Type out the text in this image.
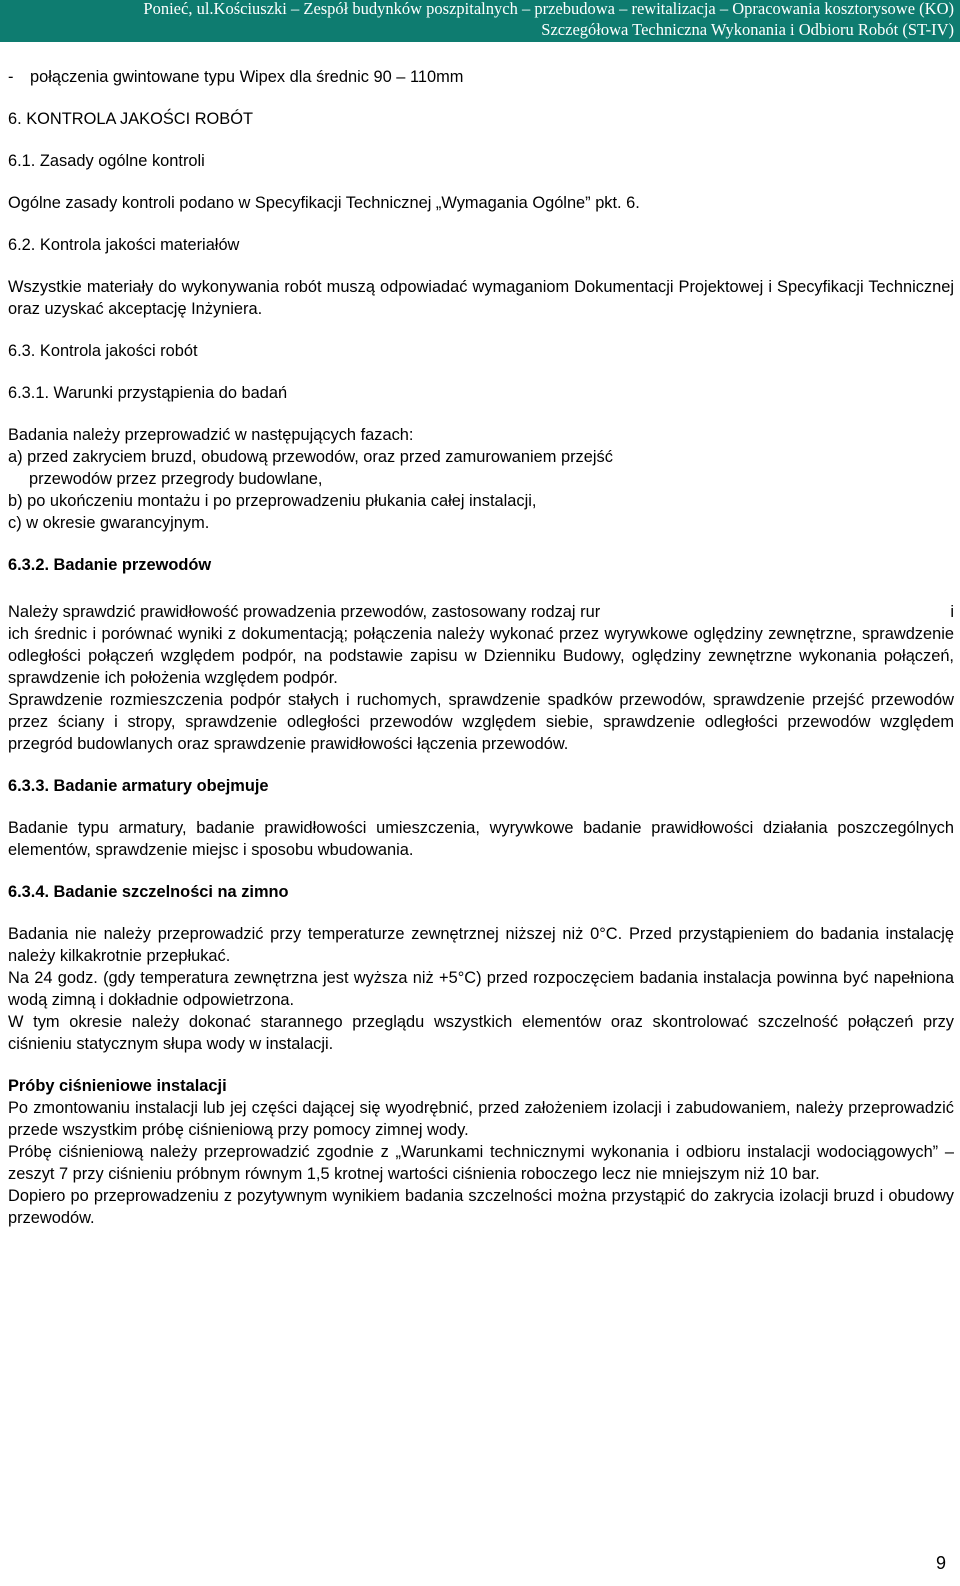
Ponieć, ul.Kościuszki – Zespół budynków poszpitalnych – przebudowa – rewitalizacja – Opracowania kosztorysowe (KO)
Szczegółowa Techniczna Wykonania i Odbioru Robót (ST-IV)

-	połączenia gwintowane typu Wipex dla średnic 90 – 110mm

6. KONTROLA JAKOŚCI ROBÓT

6.1. Zasady ogólne kontroli

Ogólne zasady kontroli podano w Specyfikacji Technicznej „Wymagania Ogólne” pkt. 6.

6.2. Kontrola jakości materiałów

Wszystkie materiały do wykonywania robót muszą odpowiadać wymaganiom Dokumentacji Projektowej i Specyfikacji Technicznej oraz uzyskać akceptację Inżyniera.

6.3. Kontrola jakości robót

6.3.1. Warunki przystąpienia do badań

Badania należy przeprowadzić w następujących fazach:

a) przed zakryciem bruzd, obudową przewodów, oraz przed zamurowaniem przejść

przewodów przez przegrody budowlane,

b) po ukończeniu montażu i po przeprowadzeniu płukania całej instalacji,

c) w okresie gwarancyjnym.

6.3.2. Badanie przewodów

Należy sprawdzić prawidłowość prowadzenia przewodów, zastosowany rodzaj rur	i

ich średnic i porównać wyniki z dokumentacją; połączenia należy wykonać przez wyrywkowe oględziny zewnętrzne, sprawdzenie odległości połączeń względem podpór, na podstawie zapisu w Dzienniku Budowy, oględziny zewnętrzne wykonania połączeń, sprawdzenie ich położenia względem podpór.

Sprawdzenie rozmieszczenia podpór stałych i ruchomych, sprawdzenie spadków przewodów, sprawdzenie przejść przewodów przez ściany i stropy, sprawdzenie odległości przewodów względem siebie, sprawdzenie odległości przewodów względem przegród budowlanych oraz sprawdzenie prawidłowości łączenia przewodów.

6.3.3. Badanie armatury obejmuje

Badanie typu armatury, badanie prawidłowości umieszczenia, wyrywkowe badanie prawidłowości działania poszczególnych elementów, sprawdzenie miejsc i sposobu wbudowania.

6.3.4. Badanie szczelności na zimno

Badania nie należy przeprowadzić przy temperaturze zewnętrznej niższej niż 0°C. Przed przystąpieniem do badania instalację należy kilkakrotnie przepłukać.

Na 24 godz. (gdy temperatura zewnętrzna jest wyższa niż +5°C) przed rozpoczęciem badania instalacja powinna być napełniona wodą zimną i dokładnie odpowietrzona.

W tym okresie należy dokonać starannego przeglądu wszystkich elementów oraz skontrolować szczelność połączeń przy ciśnieniu statycznym słupa wody w instalacji.

Próby ciśnieniowe instalacji

Po zmontowaniu instalacji lub jej części dającej się wyodrębnić, przed założeniem izolacji i zabudowaniem, należy przeprowadzić przede wszystkim próbę ciśnieniową przy pomocy zimnej wody.

Próbę ciśnieniową należy przeprowadzić zgodnie z „Warunkami technicznymi wykonania i odbioru instalacji wodociągowych” – zeszyt 7 przy ciśnieniu próbnym równym 1,5 krotnej wartości ciśnienia roboczego lecz nie mniejszym niż 10 bar.

Dopiero po przeprowadzeniu z pozytywnym wynikiem badania szczelności można przystąpić do zakrycia izolacji bruzd i obudowy przewodów.

9
